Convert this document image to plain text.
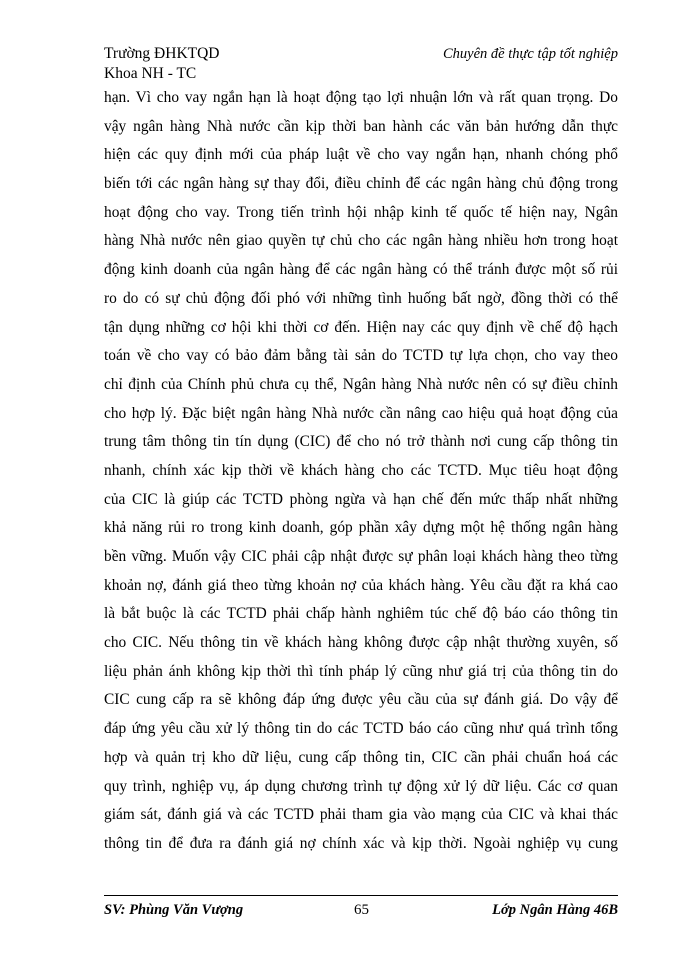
Trường ĐHKTQD
Khoa NH - TC
Chuyên đề thực tập tốt nghiệp
hạn. Vì cho vay ngắn hạn là hoạt động tạo lợi nhuận lớn và rất quan trọng. Do
vậy ngân hàng Nhà nước cần kịp thời ban hành các văn bản hướng dẫn thực
hiện các quy định mới của pháp luật về cho vay ngắn hạn, nhanh chóng phổ
biến tới các ngân hàng sự thay đổi, điều chỉnh để các ngân hàng chủ động trong
hoạt động cho vay. Trong tiến trình hội nhập kinh tế quốc tế hiện nay, Ngân
hàng Nhà nước nên giao quyền tự chủ cho các ngân hàng nhiều hơn trong hoạt
động kinh doanh của ngân hàng để các ngân hàng có thể tránh được một số rủi
ro do có sự chủ động đối phó với những tình huống bất ngờ, đồng thời có thể
tận dụng những cơ hội khi thời cơ đến. Hiện nay các quy định về chế độ hạch
toán về cho vay có bảo đảm bằng tài sản do TCTD tự lựa chọn, cho vay theo
chỉ định của Chính phủ chưa cụ thể, Ngân hàng Nhà nước nên có sự điều chỉnh
cho hợp lý. Đặc biệt ngân hàng Nhà nước cần nâng cao hiệu quả hoạt động của
trung tâm thông tin tín dụng (CIC) để cho nó trở thành nơi cung cấp thông tin
nhanh, chính xác kịp thời về khách hàng cho các TCTD. Mục tiêu hoạt động
của CIC là giúp các TCTD phòng ngừa và hạn chế đến mức thấp nhất những
khả năng rủi ro trong kinh doanh, góp phần xây dựng một hệ thống ngân hàng
bền vững. Muốn vậy CIC phải cập nhật được sự phân loại khách hàng theo từng
khoản nợ, đánh giá theo từng khoản nợ của khách hàng. Yêu cầu đặt ra khá cao
là bắt buộc là các TCTD phải chấp hành nghiêm túc chế độ báo cáo thông tin
cho CIC. Nếu thông tin về khách hàng không được cập nhật thường xuyên, số
liệu phản ánh không kịp thời thì tính pháp lý cũng như giá trị của thông tin do
CIC cung cấp ra sẽ không đáp ứng được yêu cầu của sự đánh giá. Do vậy để
đáp ứng yêu cầu xử lý thông tin do các TCTD báo cáo cũng như quá trình tổng
hợp và quản trị kho dữ liệu, cung cấp thông tin, CIC cần phải chuẩn hoá các
quy trình, nghiệp vụ, áp dụng chương trình tự động xử lý dữ liệu. Các cơ quan
giám sát, đánh giá và các TCTD phải tham gia vào mạng của CIC và khai thác
thông tin để đưa ra đánh giá nợ chính xác và kịp thời. Ngoài nghiệp vụ cung
SV: Phùng Văn Vượng	65	Lớp Ngân Hàng 46B
